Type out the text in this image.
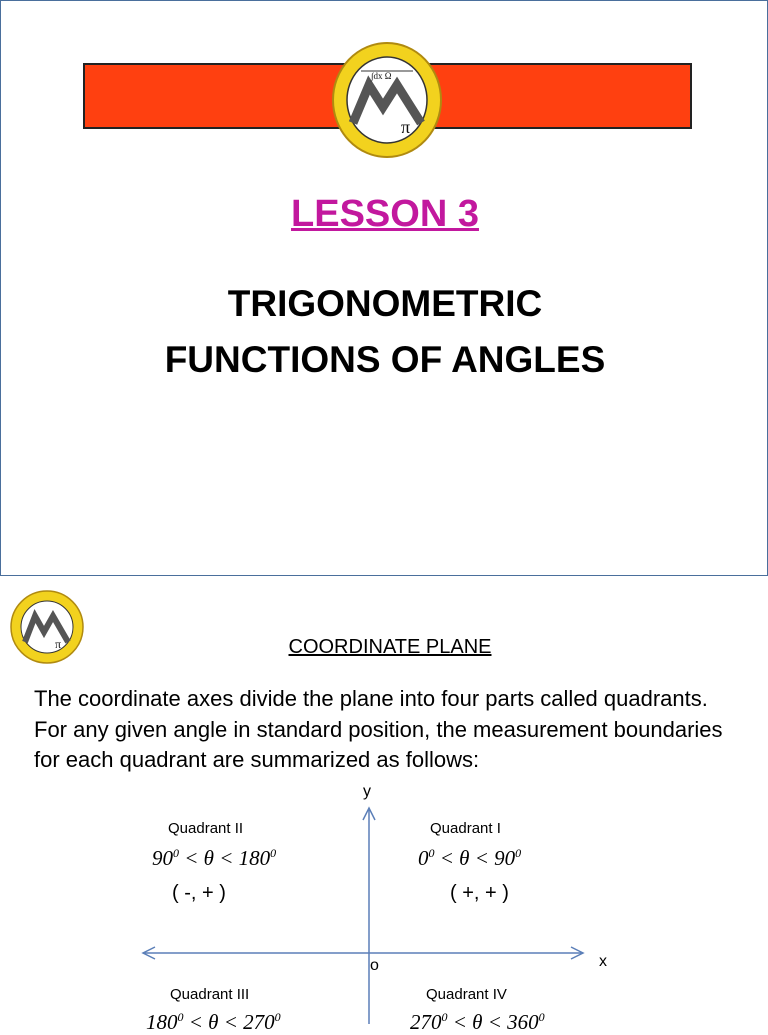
π
∫dx Ω
LESSON 3
TRIGONOMETRIC
FUNCTIONS OF ANGLES
π	COORDINATE PLANE

The coordinate axes divide the plane into four parts called quadrants. For any given angle in standard position, the measurement boundaries for each quadrant are summarized as follows:

y
x
o
Quadrant II
$90^0 < \theta < 180^0$
( -, + )
Quadrant I
$0^0 < \theta < 90^0$
( +, + )
Quadrant III
$180^0 < \theta < 270^0$
Quadrant IV
$270^0 < \theta < 360^0$
